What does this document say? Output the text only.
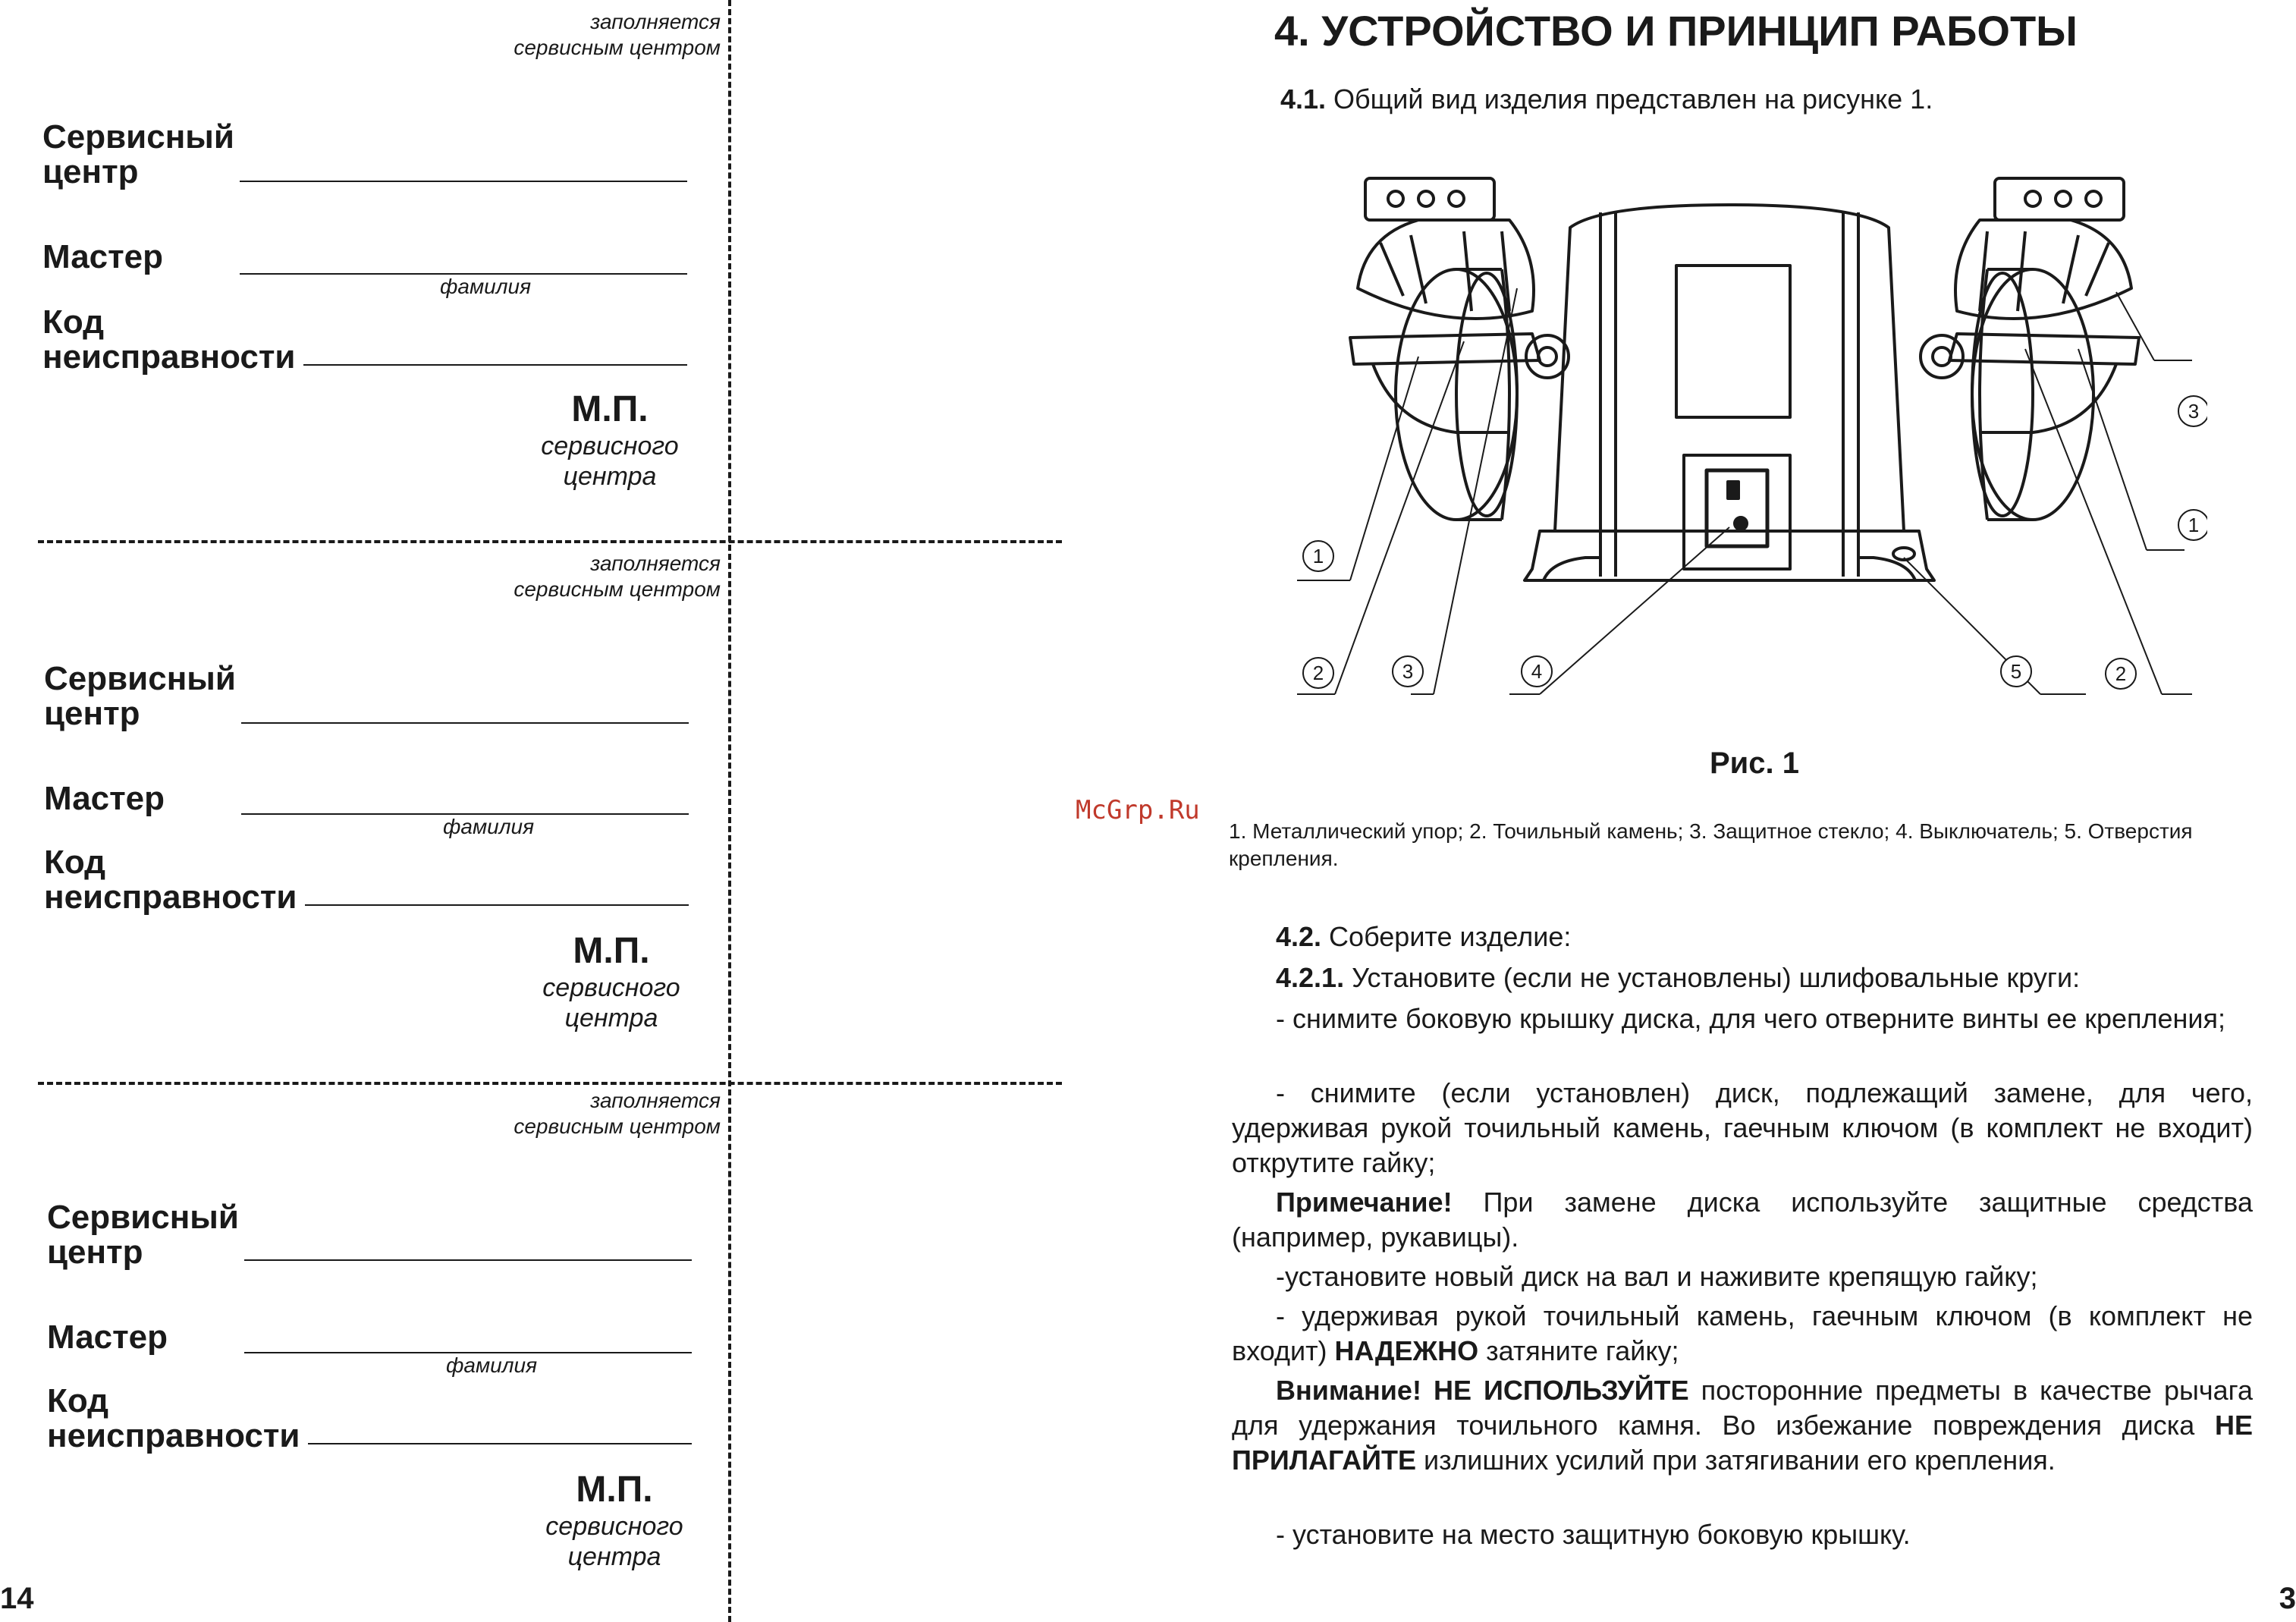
заполняется
сервисным центром
Сервисный
центр
Мастер
фамилия
Код
неисправности
М.П.
сервисного
центра
заполняется
сервисным центром
Сервисный
центр
Мастер
фамилия
Код
неисправности
М.П.
сервисного
центра
заполняется
сервисным центром
Сервисный
центр
Мастер
фамилия
Код
неисправности
М.П.
сервисного
центра
14
4. УСТРОЙСТВО И ПРИНЦИП РАБОТЫ
4.1. Общий вид изделия представлен на рисунке 1.
1
2	3	4	5
3
1
2
Рис. 1
McGrp.Ru
1. Металлический упор; 2. Точильный камень; 3. Защитное стекло; 4. Выключатель; 5. Отверстия крепления.
4.2. Соберите изделие:
4.2.1. Установите (если не установлены) шлифовальные круги:
- снимите боковую крышку диска, для чего отверните винты ее крепления;
- снимите (если установлен) диск, подлежащий замене, для чего, удерживая рукой точильный камень, гаечным ключом (в комплект не входит) открутите гайку;
Примечание! При замене диска используйте защитные средства (например, рукавицы).
-установите новый диск на вал и наживите крепящую гайку;
- удерживая рукой точильный камень, гаечным ключом (в комплект не входит) НАДЕЖНО затяните гайку;
Внимание! НЕ ИСПОЛЬЗУЙТЕ посторонние предметы в качестве рычага для удержания точильного камня. Во избежание повреждения диска НЕ ПРИЛАГАЙТЕ излишних усилий при затягивании его крепления.
- установите на место защитную боковую крышку.
3
